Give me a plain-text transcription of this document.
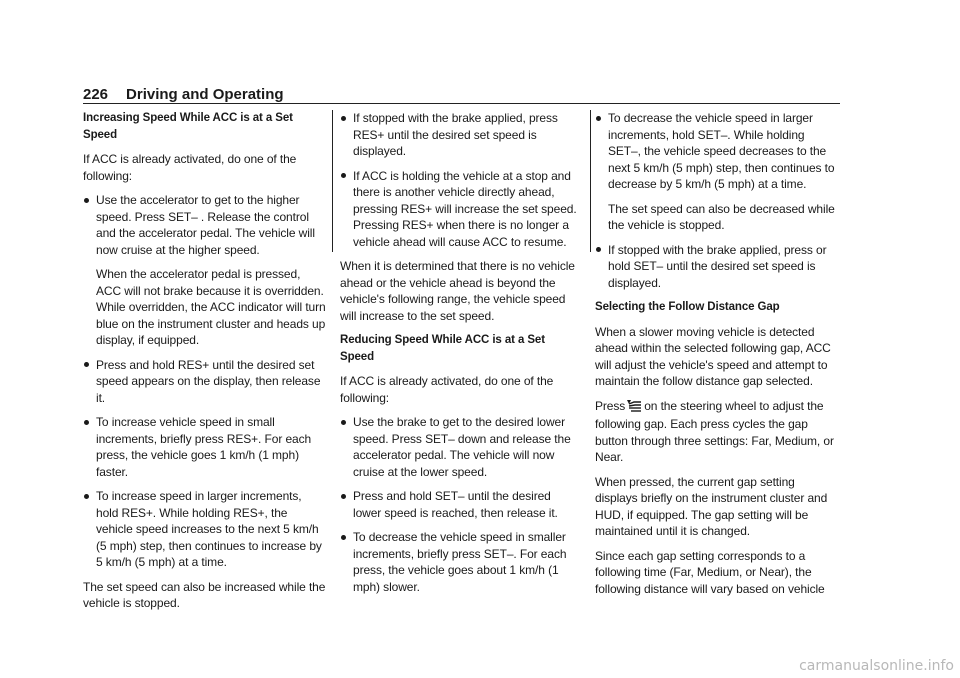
226 Driving and Operating

Increasing Speed While ACC is at a Set Speed

If ACC is already activated, do one of the following:

Use the accelerator to get to the higher speed. Press SET– . Release the control and the accelerator pedal. The vehicle will now cruise at the higher speed.
When the accelerator pedal is pressed, ACC will not brake because it is overridden. While overridden, the ACC indicator will turn blue on the instrument cluster and heads up display, if equipped.
Press and hold RES+ until the desired set speed appears on the display, then release it.
To increase vehicle speed in small increments, briefly press RES+. For each press, the vehicle goes 1 km/h (1 mph) faster.
To increase speed in larger increments, hold RES+. While holding RES+, the vehicle speed increases to the next 5 km/h (5 mph) step, then continues to increase by 5 km/h (5 mph) at a time.

The set speed can also be increased while the vehicle is stopped.

If stopped with the brake applied, press RES+ until the desired set speed is displayed.
If ACC is holding the vehicle at a stop and there is another vehicle directly ahead, pressing RES+ will increase the set speed. Pressing RES+ when there is no longer a vehicle ahead will cause ACC to resume.

When it is determined that there is no vehicle ahead or the vehicle ahead is beyond the vehicle's following range, the vehicle speed will increase to the set speed.

Reducing Speed While ACC is at a Set Speed

If ACC is already activated, do one of the following:

Use the brake to get to the desired lower speed. Press SET– down and release the accelerator pedal. The vehicle will now cruise at the lower speed.
Press and hold SET– until the desired lower speed is reached, then release it.
To decrease the vehicle speed in smaller increments, briefly press SET–. For each press, the vehicle goes about 1 km/h (1 mph) slower.
To decrease the vehicle speed in larger increments, hold SET–. While holding SET–, the vehicle speed decreases to the next 5 km/h (5 mph) step, then continues to decrease by 5 km/h (5 mph) at a time.
The set speed can also be decreased while the vehicle is stopped.
If stopped with the brake applied, press or hold SET– until the desired set speed is displayed.

Selecting the Follow Distance Gap

When a slower moving vehicle is detected ahead within the selected following gap, ACC will adjust the vehicle's speed and attempt to maintain the follow distance gap selected.

Press on the steering wheel to adjust the following gap. Each press cycles the gap button through three settings: Far, Medium, or Near.

When pressed, the current gap setting displays briefly on the instrument cluster and HUD, if equipped. The gap setting will be maintained until it is changed.

Since each gap setting corresponds to a following time (Far, Medium, or Near), the following distance will vary based on vehicle

carmanualsonline.info
